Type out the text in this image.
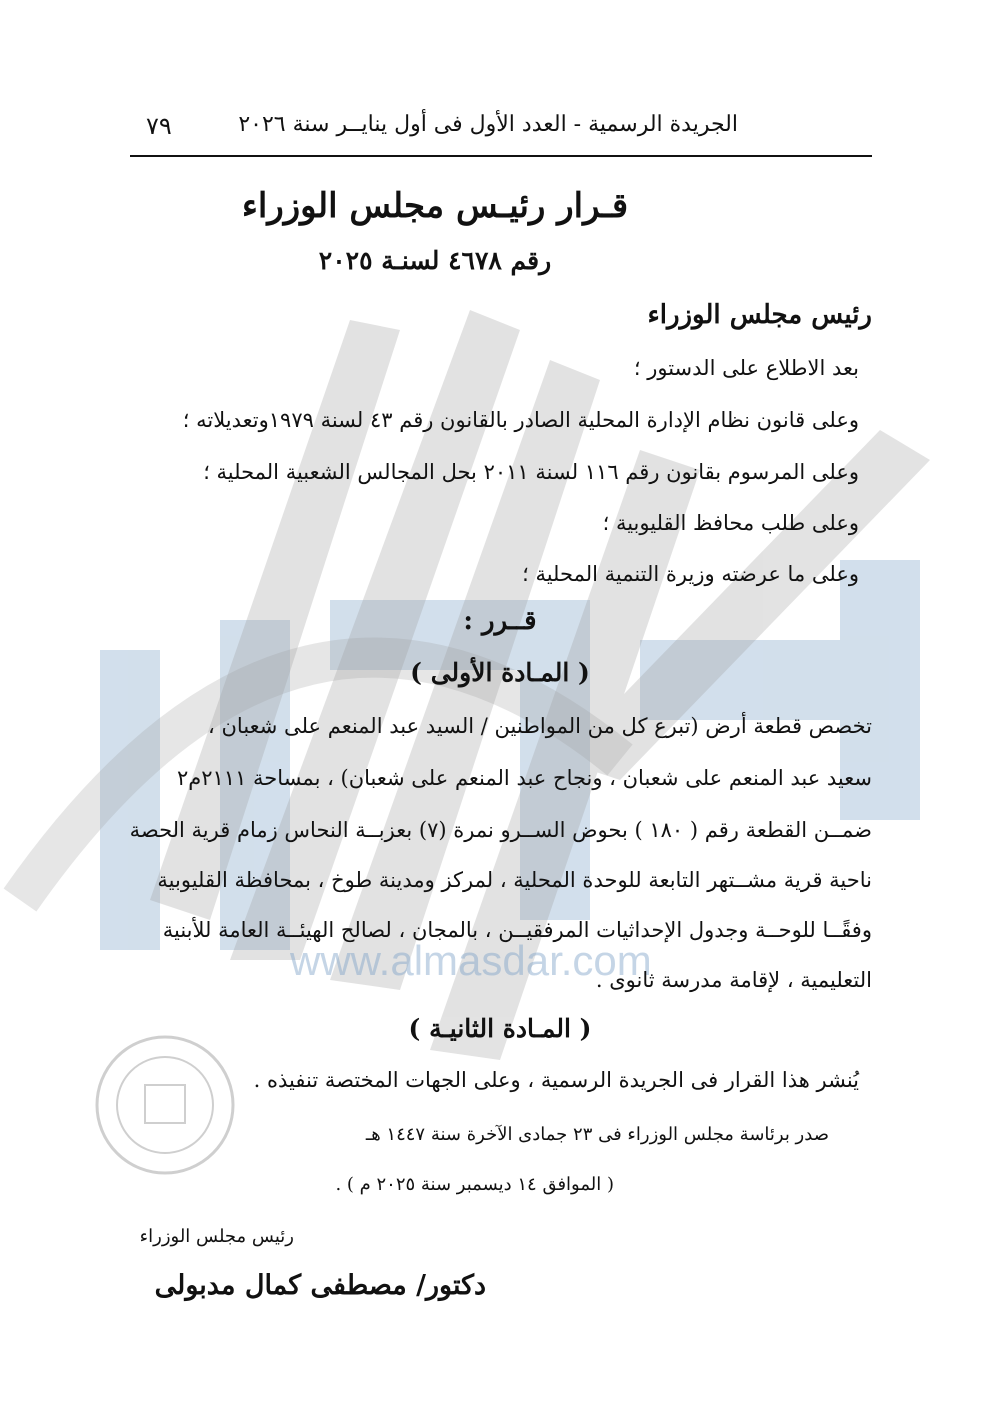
www.almasdar.com
٧٩	الجريدة الرسمية - العدد الأول فى أول ينايــر سنة ٢٠٢٦
قـرار رئيـس مجلس الوزراء
رقم ٤٦٧٨ لسنـة ٢٠٢٥
رئيس مجلس الوزراء
بعد الاطلاع على الدستور ؛
وعلى قانون نظام الإدارة المحلية الصادر بالقانون رقم ٤٣ لسنة ١٩٧٩وتعديلاته ؛
وعلى المرسوم بقانون رقم ١١٦ لسنة ٢٠١١ بحل المجالس الشعبية المحلية ؛
وعلى طلب محافظ القليوبية ؛
وعلى ما عرضته وزيرة التنمية المحلية ؛
قــرر :
( المـادة الأولى )
تخصص قطعة أرض (تبرع كل من المواطنين / السيد عبد المنعم على شعبان ،
سعيد عبد المنعم على شعبان ، ونجاح عبد المنعم على شعبان) ، بمساحة ٢١١١م٢
ضمــن القطعة رقم ( ١٨٠ ) بحوض الســرو نمرة (٧) بعزبــة النحاس زمام قرية الحصة
ناحية قرية مشــتهر التابعة للوحدة المحلية ، لمركز ومدينة طوخ ، بمحافظة القليوبية
وفقًــا للوحــة وجدول الإحداثيات المرفقيــن ، بالمجان ، لصالح الهيئــة العامة للأبنية
التعليمية ، لإقامة مدرسة ثانوى .
( المـادة الثانيـة )
يُنشر هذا القرار فى الجريدة الرسمية ، وعلى الجهات المختصة تنفيذه .
صدر برئاسة مجلس الوزراء فى ٢٣ جمادى الآخرة سنة ١٤٤٧ هـ
( الموافق ١٤ ديسمبر سنة ٢٠٢٥ م ) .
رئيس مجلس الوزراء
دكتور/ مصطفى كمال مدبولى
